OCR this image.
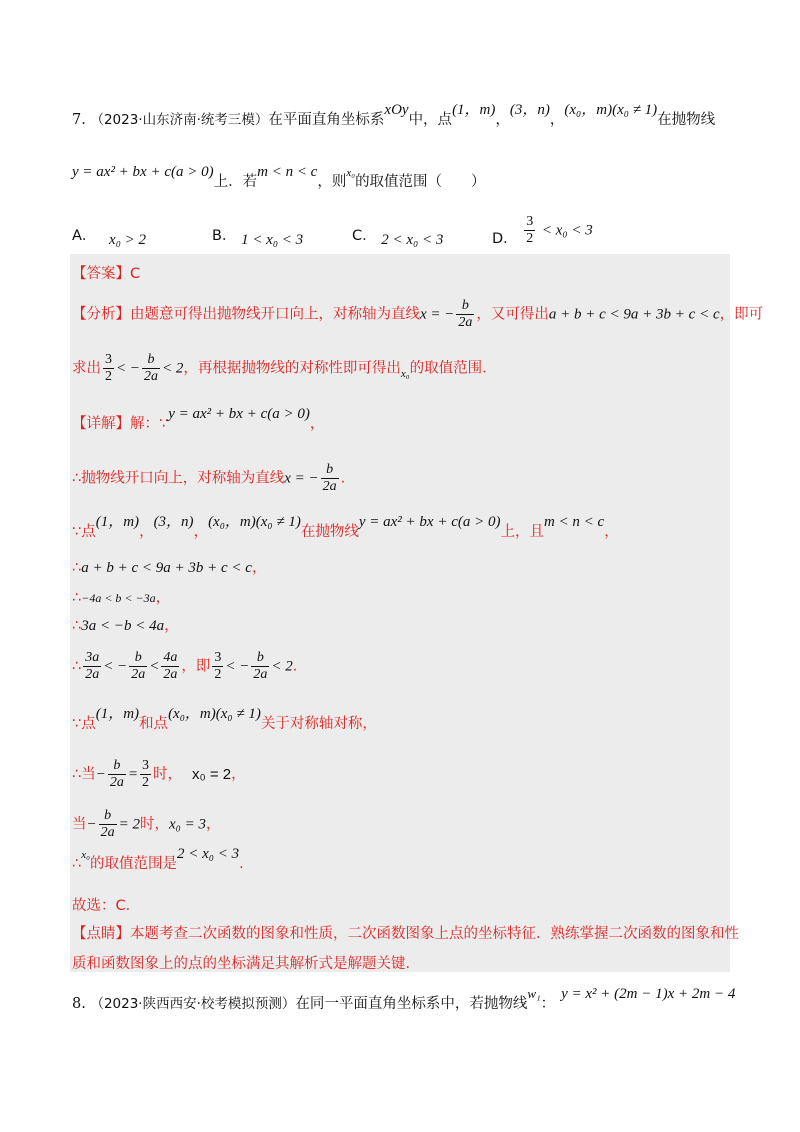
7. （2023·山东济南·统考三模）在平面直角坐标系xOy中，点(1，m)，(3，n)，(x₀，m)(x₀ ≠ 1)在抛物线
y = ax² + bx + c(a > 0)上．若m < n < c，则$^{x_0}$的取值范围（　　）
A． x₀ > 2	B． 1 < x₀ < 3	C． 2 < x₀ < 3	D． $\frac{3}{2} < x_0 < 3$
【答案】C
【分析】由题意可得出抛物线开口向上，对称轴为直线x = − $\frac{b}{2a}$ ，又可得出a + b + c < 9a + 3b + c < c，即可
求出 $\frac{3}{2}$ < − $\frac{b}{2a} < 2$，再根据抛物线的对称性即可得出$_{x_0}$的取值范围．
【详解】解：∵y = ax² + bx + c(a > 0)，
∴抛物线开口向上，对称轴为直线x = − $\frac{b}{2a}$ .
∵点(1，m)，(3，n)，(x₀，m)(x₀ ≠ 1)在抛物线y = ax² + bx + c(a > 0)上，且m < n < c，
∴a + b + c < 9a + 3b + c < c，
∴−4a < b < −3a，
∴3a < −b < 4a，
∴ $\frac{3a}{2a}$ < − $\frac{b}{2a} < \frac{4a}{2a}$ ，即 $\frac{3}{2}$ < − $\frac{b}{2a} < 2$.
∵点(1，m)和点(x₀，m)(x₀ ≠ 1)关于对称轴对称，
∴当− $\frac{b}{2a} = \frac{3}{2}$ 时， x₀ = 2，
当− $\frac{b}{2a} = 2$时，x₀ = 3，
∴$^{x_0}$的取值范围是2 < x₀ < 3.
故选：C．
【点睛】本题考查二次函数的图象和性质，二次函数图象上点的坐标特征．熟练掌握二次函数的图象和性
质和函数图象上的点的坐标满足其解析式是解题关键．
8. （2023·陕西西安·校考模拟预测）在同一平面直角坐标系中，若抛物线w₁：y = x² + (2m − 1)x + 2m − 4
